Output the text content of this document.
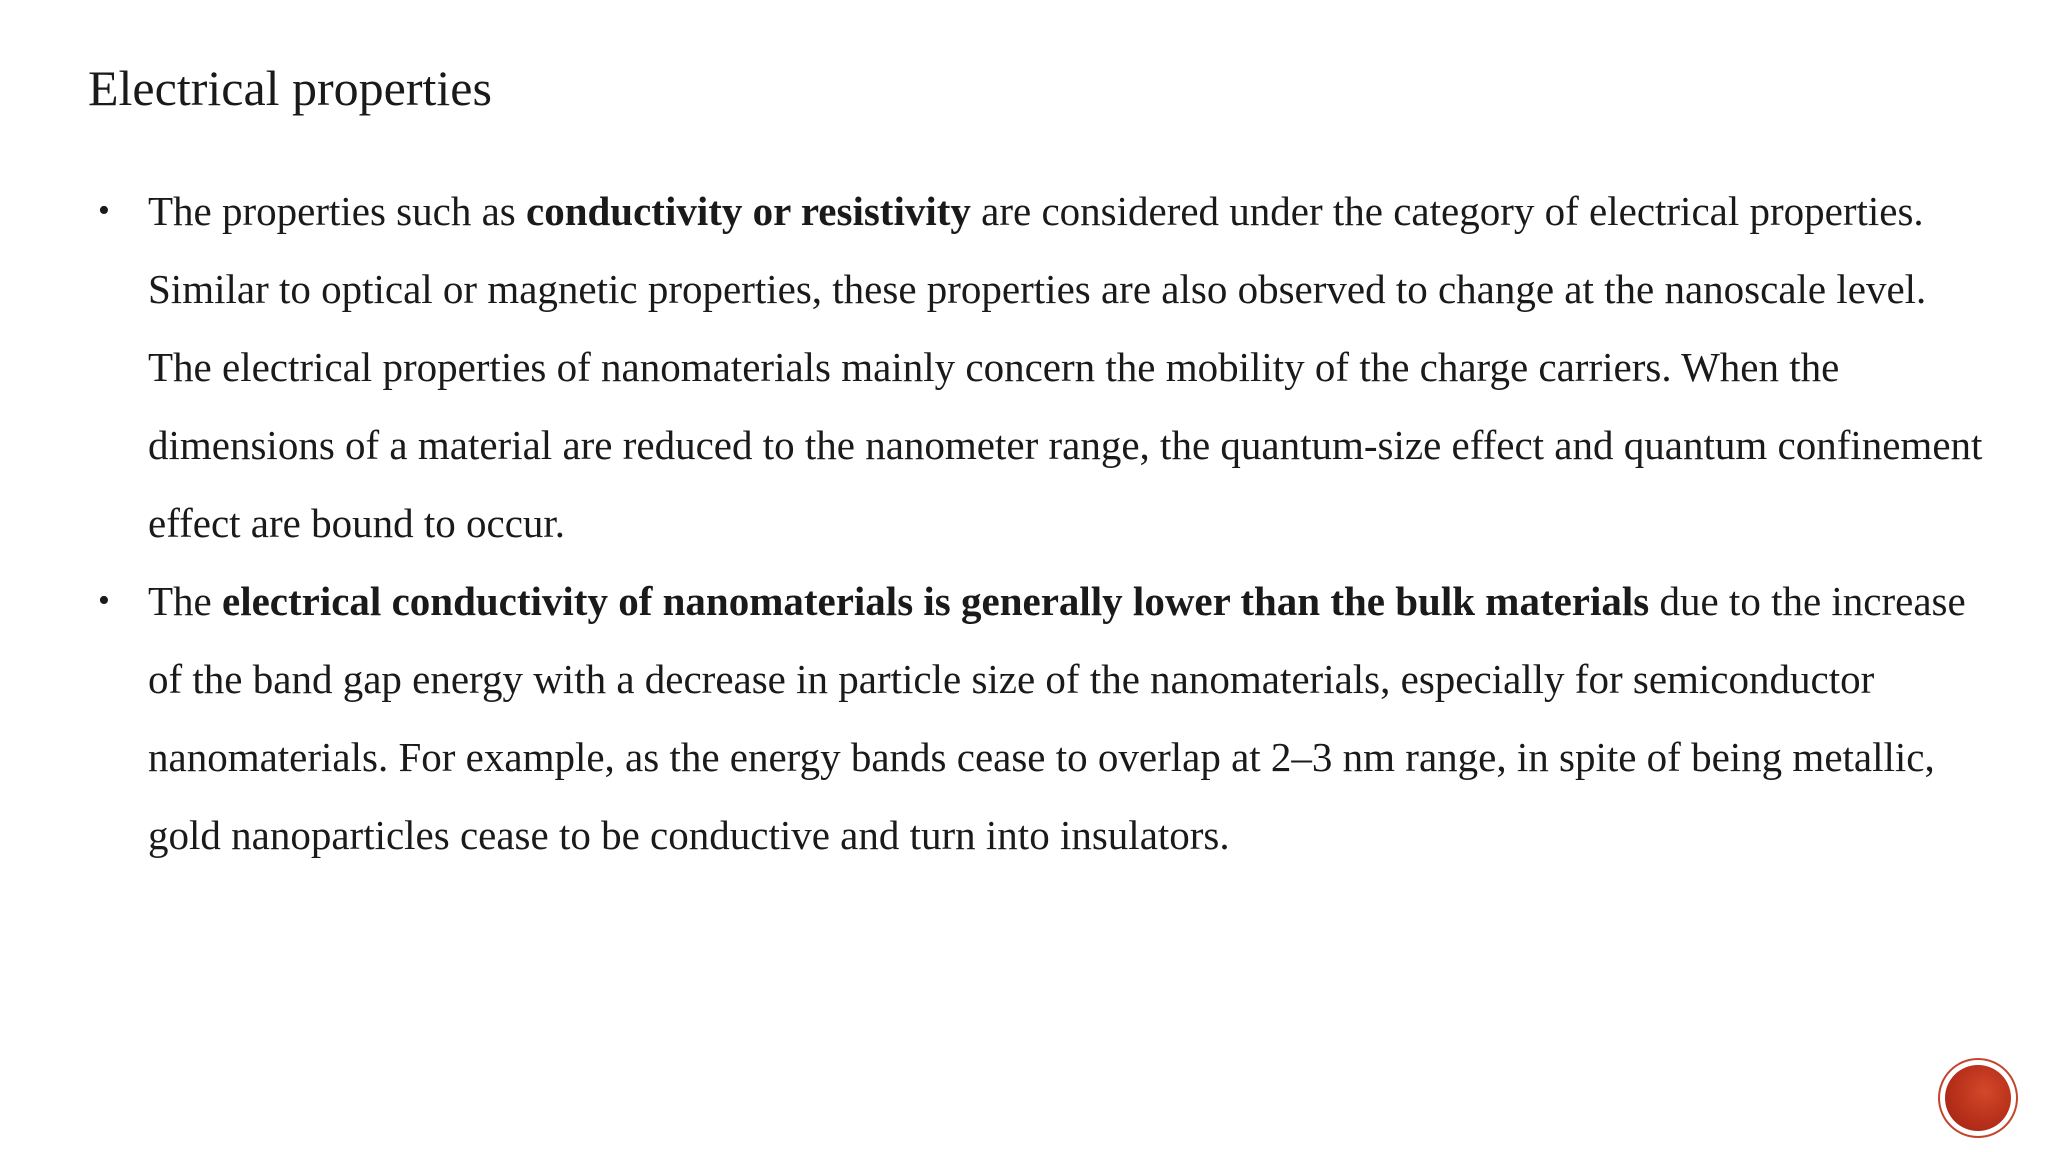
Electrical properties
• The properties such as conductivity or resistivity are considered under the category of electrical properties. Similar to optical or magnetic properties, these properties are also observed to change at the nanoscale level. The electrical properties of nanomaterials mainly concern the mobility of the charge carriers. When the dimensions of a material are reduced to the nanometer range, the quantum-size effect and quantum confinement effect are bound to occur.
• The electrical conductivity of nanomaterials is generally lower than the bulk materials due to the increase of the band gap energy with a decrease in particle size of the nanomaterials, especially for semiconductor nanomaterials. For example, as the energy bands cease to overlap at 2–3 nm range, in spite of being metallic, gold nanoparticles cease to be conductive and turn into insulators.
